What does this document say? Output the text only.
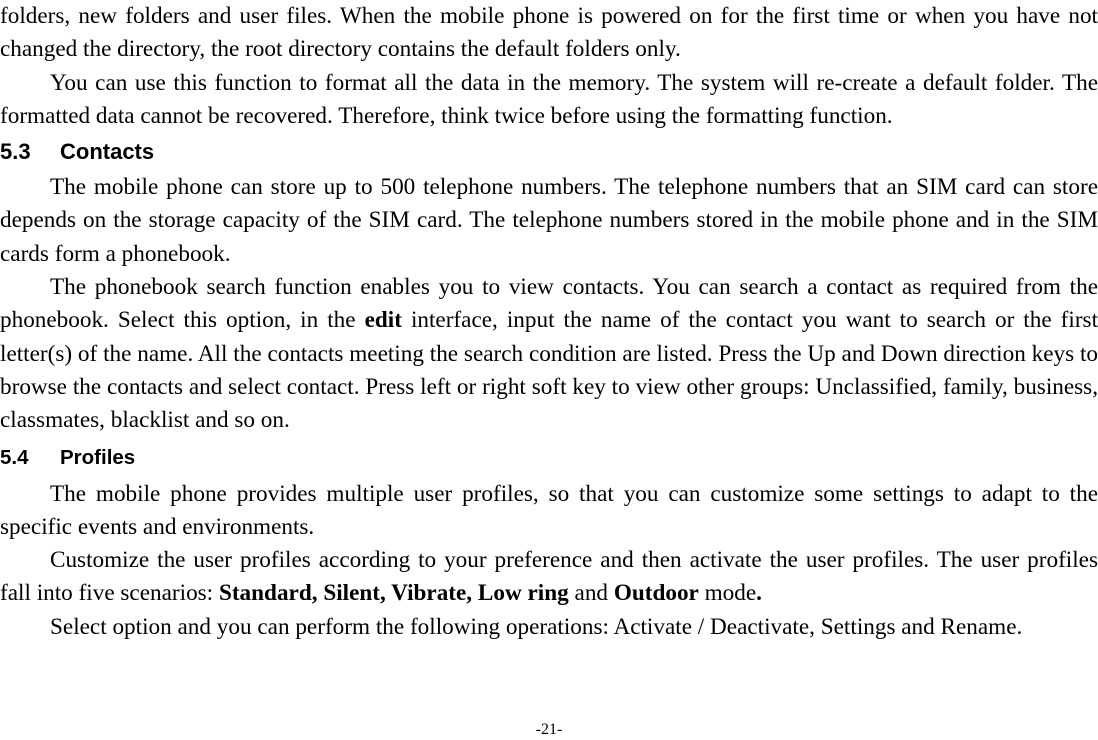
folders, new folders and user files. When the mobile phone is powered on for the first time or when you have not changed the directory, the root directory contains the default folders only.

You can use this function to format all the data in the memory. The system will re-create a default folder. The formatted data cannot be recovered. Therefore, think twice before using the formatting function.

5.3 Contacts

The mobile phone can store up to 500 telephone numbers. The telephone numbers that an SIM card can store depends on the storage capacity of the SIM card. The telephone numbers stored in the mobile phone and in the SIM cards form a phonebook.

The phonebook search function enables you to view contacts. You can search a contact as required from the phonebook. Select this option, in the edit interface, input the name of the contact you want to search or the first letter(s) of the name. All the contacts meeting the search condition are listed. Press the Up and Down direction keys to browse the contacts and select contact. Press left or right soft key to view other groups: Unclassified, family, business, classmates, blacklist and so on.

5.4 Profiles

The mobile phone provides multiple user profiles, so that you can customize some settings to adapt to the specific events and environments.

Customize the user profiles according to your preference and then activate the user profiles. The user profiles fall into five scenarios: Standard, Silent, Vibrate, Low ring and Outdoor mode.

Select option and you can perform the following operations: Activate / Deactivate, Settings and Rename.

-21-
